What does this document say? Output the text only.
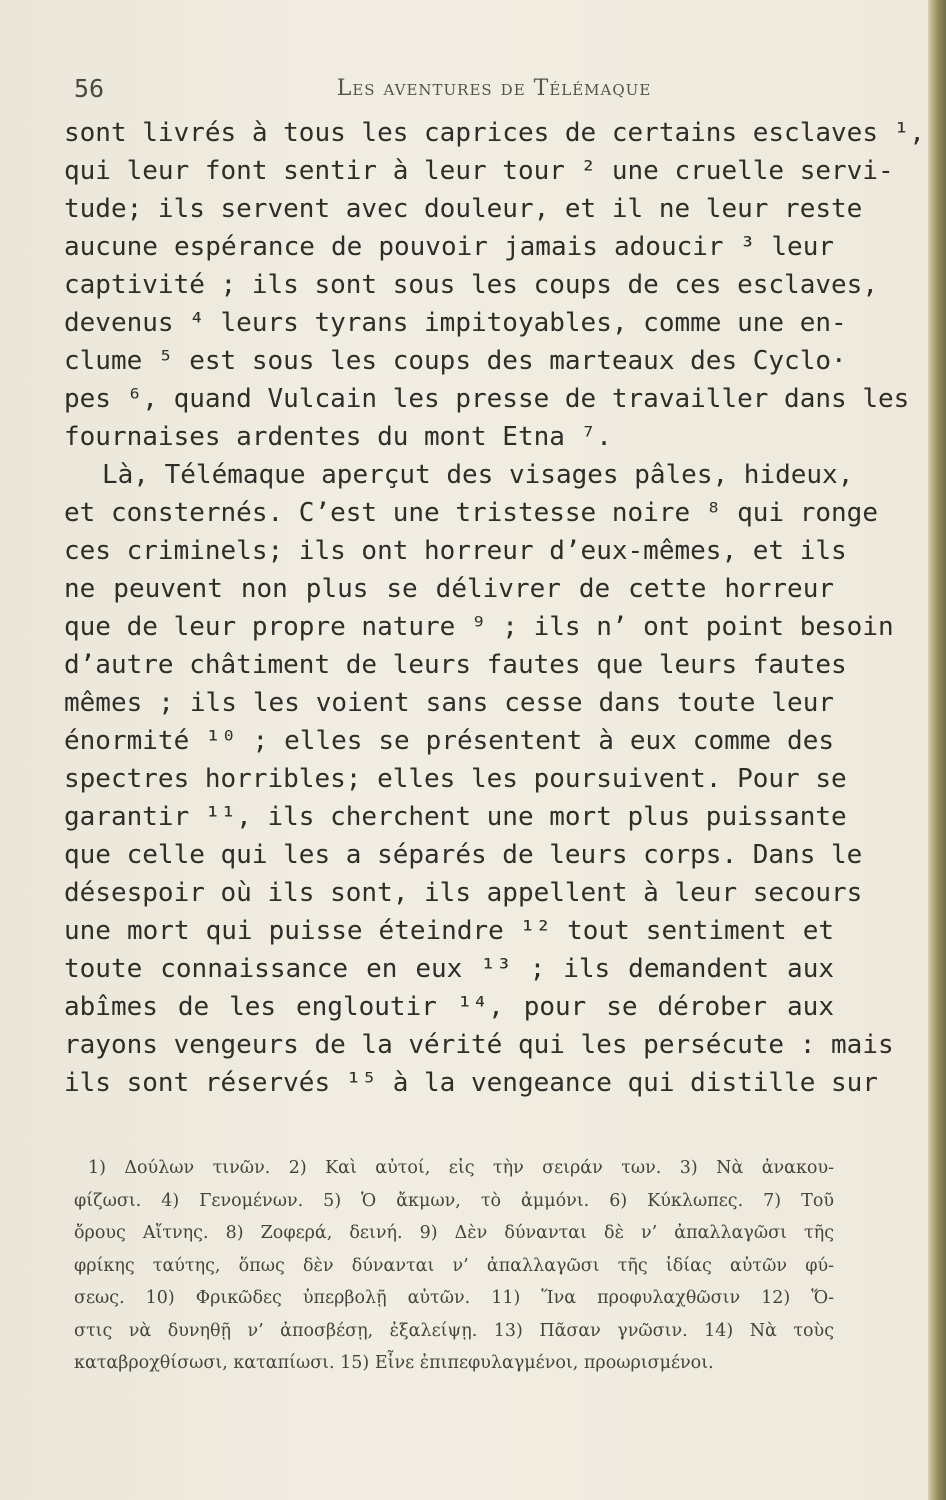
56	Les aventures de Télémaque
sont livrés à tous les caprices de certains esclaves ¹,
qui leur font sentir à leur tour ² une cruelle servi-
tude; ils servent avec douleur, et il ne leur reste
aucune espérance de pouvoir jamais adoucir ³ leur
captivité ; ils sont sous les coups de ces esclaves,
devenus ⁴ leurs tyrans impitoyables, comme une en-
clume ⁵ est sous les coups des marteaux des Cyclo·
pes ⁶, quand Vulcain les presse de travailler dans les
fournaises ardentes du mont Etna ⁷.
Là, Télémaque aperçut des visages pâles, hideux,
et consternés. C’est une tristesse noire ⁸ qui ronge
ces criminels; ils ont horreur d’eux-mêmes, et ils
ne peuvent non plus se délivrer de cette horreur
que de leur propre nature ⁹ ; ils n’ ont point besoin
d’autre châtiment de leurs fautes que leurs fautes
mêmes ; ils les voient sans cesse dans toute leur
énormité ¹⁰ ; elles se présentent à eux comme des
spectres horribles; elles les poursuivent. Pour se
garantir ¹¹, ils cherchent une mort plus puissante
que celle qui les a séparés de leurs corps. Dans le
désespoir où ils sont, ils appellent à leur secours
une mort qui puisse éteindre ¹² tout sentiment et
toute connaissance en eux ¹³ ; ils demandent aux
abîmes de les engloutir ¹⁴, pour se dérober aux
rayons vengeurs de la vérité qui les persécute : mais
ils sont réservés ¹⁵ à la vengeance qui distille sur
1) Δούλων τινῶν. 2) Καὶ αὐτοί, εἰς τὴν σειράν των. 3) Νὰ ἀνακου-
φίζωσι. 4) Γενομένων. 5) Ὁ ἄκμων, τὸ ἀμμόνι. 6) Κύκλωπες. 7) Τοῦ
ὄρους Αἴτνης. 8) Ζοφερά, δεινή. 9) Δὲν δύνανται δὲ ν’ ἀπαλλαγῶσι τῆς
φρίκης ταύτης, ὅπως δὲν δύνανται ν’ ἀπαλλαγῶσι τῆς ἰδίας αὐτῶν φύ-
σεως. 10) Φρικῶδες ὑπερβολῇ αὐτῶν. 11) Ἵνα προφυλαχθῶσιν 12) Ὅ-
στις νὰ δυνηθῇ ν’ ἀποσβέσῃ, ἐξαλείψῃ. 13) Πᾶσαν γνῶσιν. 14) Νὰ τοὺς
καταβροχθίσωσι, καταπίωσι. 15) Εἶνε ἐπιπεφυλαγμένοι, προωρισμένοι.
